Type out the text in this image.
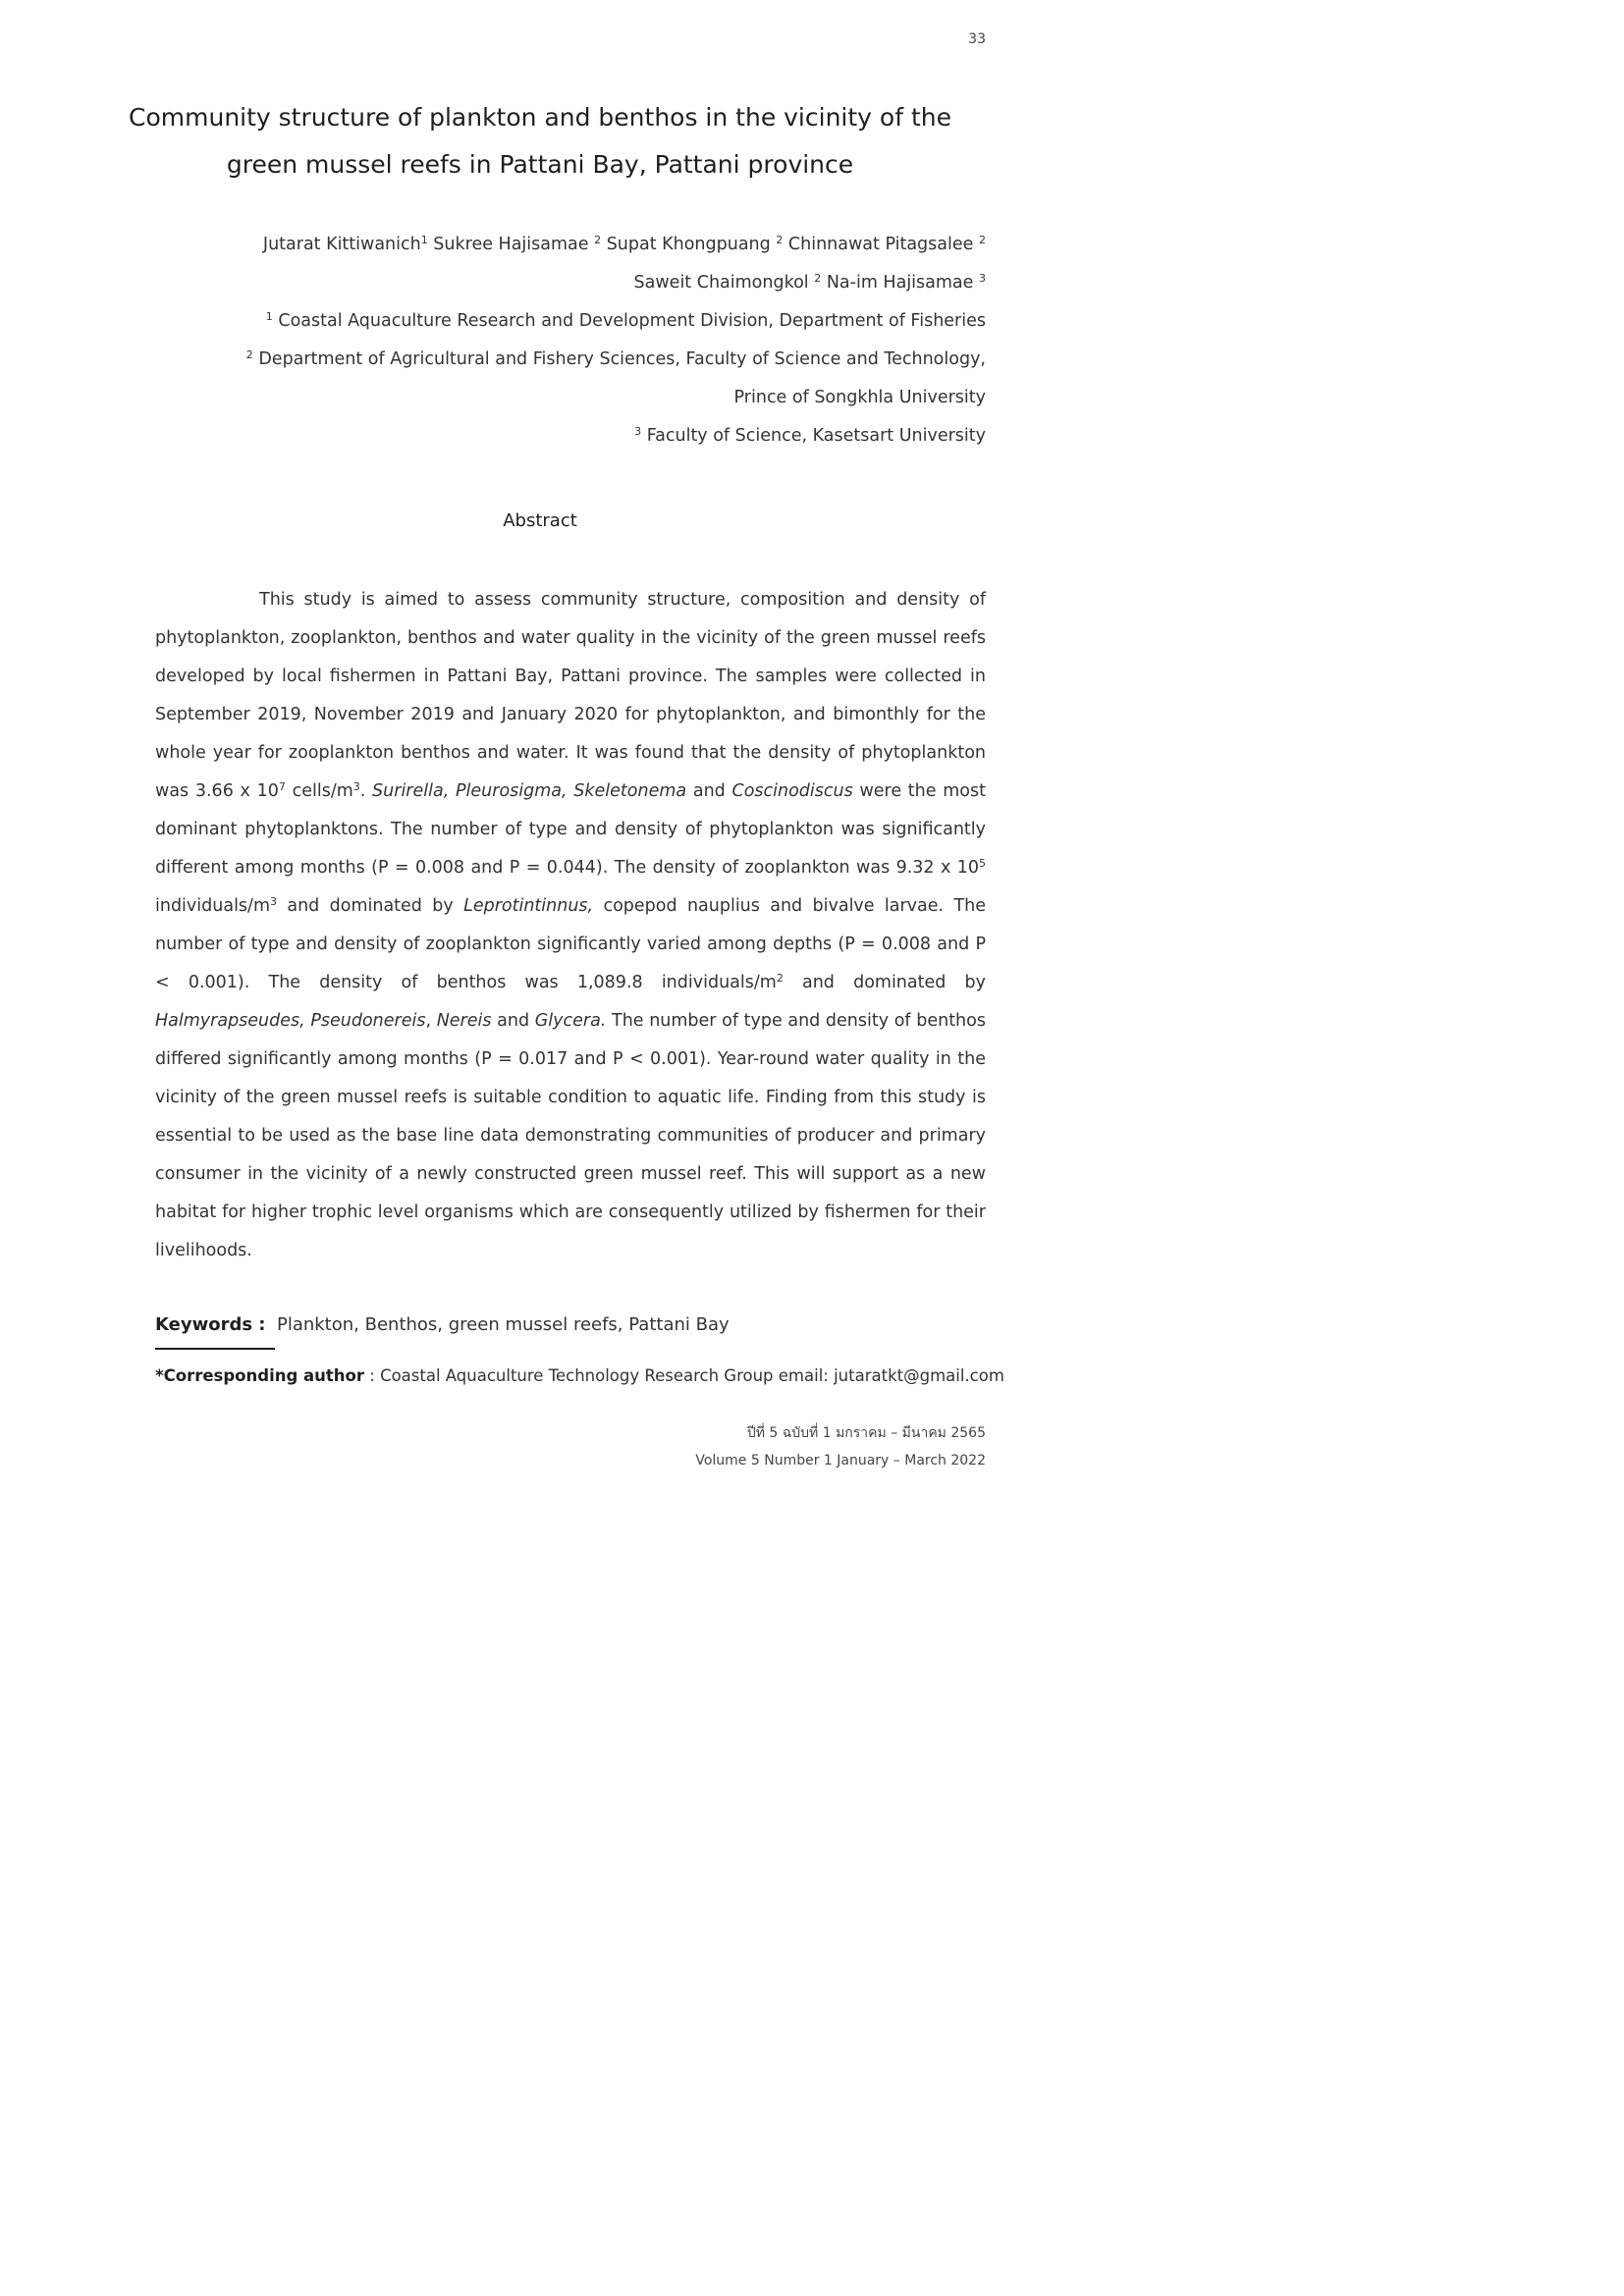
33
Community structure of plankton and benthos in the vicinity of the
green mussel reefs in Pattani Bay, Pattani province
Jutarat Kittiwanich$^1$ Sukree Hajisamae $^2$ Supat Khongpuang $^2$ Chinnawat Pitagsalee $^2$
Saweit Chaimongkol $^2$ Na-im Hajisamae $^3$
$^1$ Coastal Aquaculture Research and Development Division, Department of Fisheries
$^2$ Department of Agricultural and Fishery Sciences, Faculty of Science and Technology,
Prince of Songkhla University
$^3$ Faculty of Science, Kasetsart University
Abstract

This study is aimed to assess community structure, composition and density of phytoplankton, zooplankton, benthos and water quality in the vicinity of the green mussel reefs developed by local fishermen in Pattani Bay, Pattani province. The samples were collected in September 2019, November 2019 and January 2020 for phytoplankton, and bimonthly for the whole year for zooplankton benthos and water. It was found that the density of phytoplankton was 3.66 x $10^7$ cells/$m^3$. Surirella, Pleurosigma, Skeletonema and Coscinodiscus were the most dominant phytoplanktons. The number of type and density of phytoplankton was significantly different among months (P = 0.008 and P = 0.044). The density of zooplankton was 9.32 x $10^5$ individuals/$m^3$ and dominated by Leprotintinnus, copepod nauplius and bivalve larvae. The number of type and density of zooplankton significantly varied among depths (P = 0.008 and P < 0.001). The density of benthos was 1,089.8 individuals/$m^2$ and dominated by Halmyrapseudes, Pseudonereis, Nereis and Glycera. The number of type and density of benthos differed significantly among months (P = 0.017 and P < 0.001). Year-round water quality in the vicinity of the green mussel reefs is suitable condition to aquatic life. Finding from this study is essential to be used as the base line data demonstrating communities of producer and primary consumer in the vicinity of a newly constructed green mussel reef. This will support as a new habitat for higher trophic level organisms which are consequently utilized by fishermen for their livelihoods.

Keywords : Plankton, Benthos, green mussel reefs, Pattani Bay
*Corresponding author : Coastal Aquaculture Technology Research Group email: jutaratkt@gmail.com
ปีที่ 5 ฉบับที่ 1 มกราคม – มีนาคม 2565
Volume 5 Number 1 January – March 2022
